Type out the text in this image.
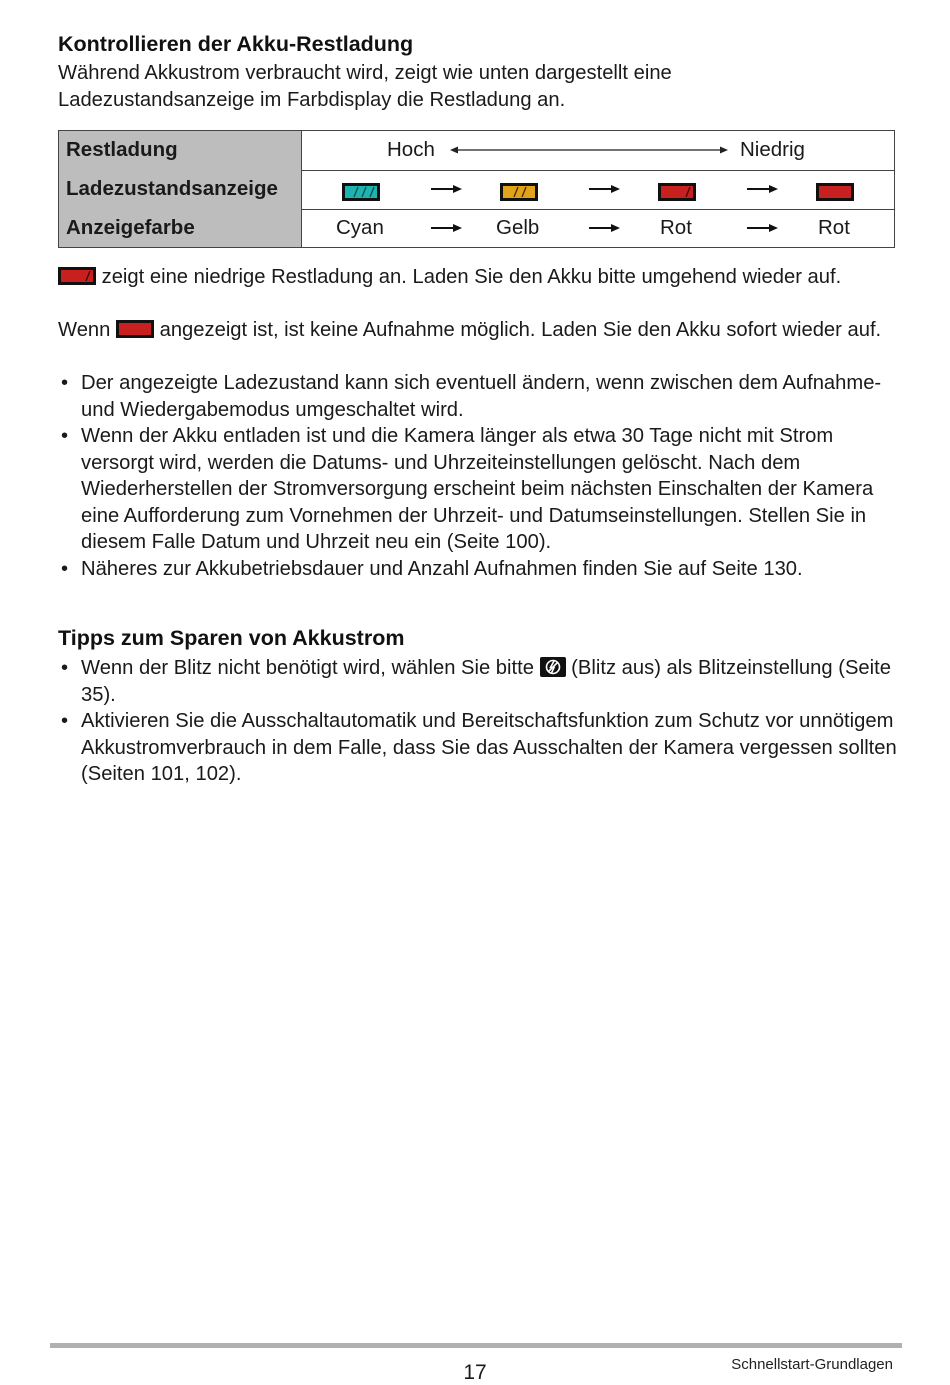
Kontrollieren der Akku-Restladung

Während Akkustrom verbraucht wird, zeigt wie unten dargestellt eine Ladezustandsanzeige im Farbdisplay die Restladung an.

Restladung	Hoch	Niedrig
Ladezustandsanzeige
Anzeigefarbe	Cyan	Gelb	Rot	Rot

zeigt eine niedrige Restladung an. Laden Sie den Akku bitte umgehend wieder auf.

Wenn  angezeigt ist, ist keine Aufnahme möglich. Laden Sie den Akku sofort wieder auf.

• Der angezeigte Ladezustand kann sich eventuell ändern, wenn zwischen dem Aufnahme- und Wiedergabemodus umgeschaltet wird.
• Wenn der Akku entladen ist und die Kamera länger als etwa 30 Tage nicht mit Strom versorgt wird, werden die Datums- und Uhrzeiteinstellungen gelöscht. Nach dem Wiederherstellen der Stromversorgung erscheint beim nächsten Einschalten der Kamera eine Aufforderung zum Vornehmen der Uhrzeit- und Datumseinstellungen. Stellen Sie in diesem Falle Datum und Uhrzeit neu ein (Seite 100).
• Näheres zur Akkubetriebsdauer und Anzahl Aufnahmen finden Sie auf Seite 130.
Tipps zum Sparen von Akkustrom
• Wenn der Blitz nicht benötigt wird, wählen Sie bitte  (Blitz aus) als Blitzeinstellung (Seite 35).
• Aktivieren Sie die Ausschaltautomatik und Bereitschaftsfunktion zum Schutz vor unnötigem Akkustromverbrauch in dem Falle, dass Sie das Ausschalten der Kamera vergessen sollten (Seiten 101, 102).
17	Schnellstart-Grundlagen
